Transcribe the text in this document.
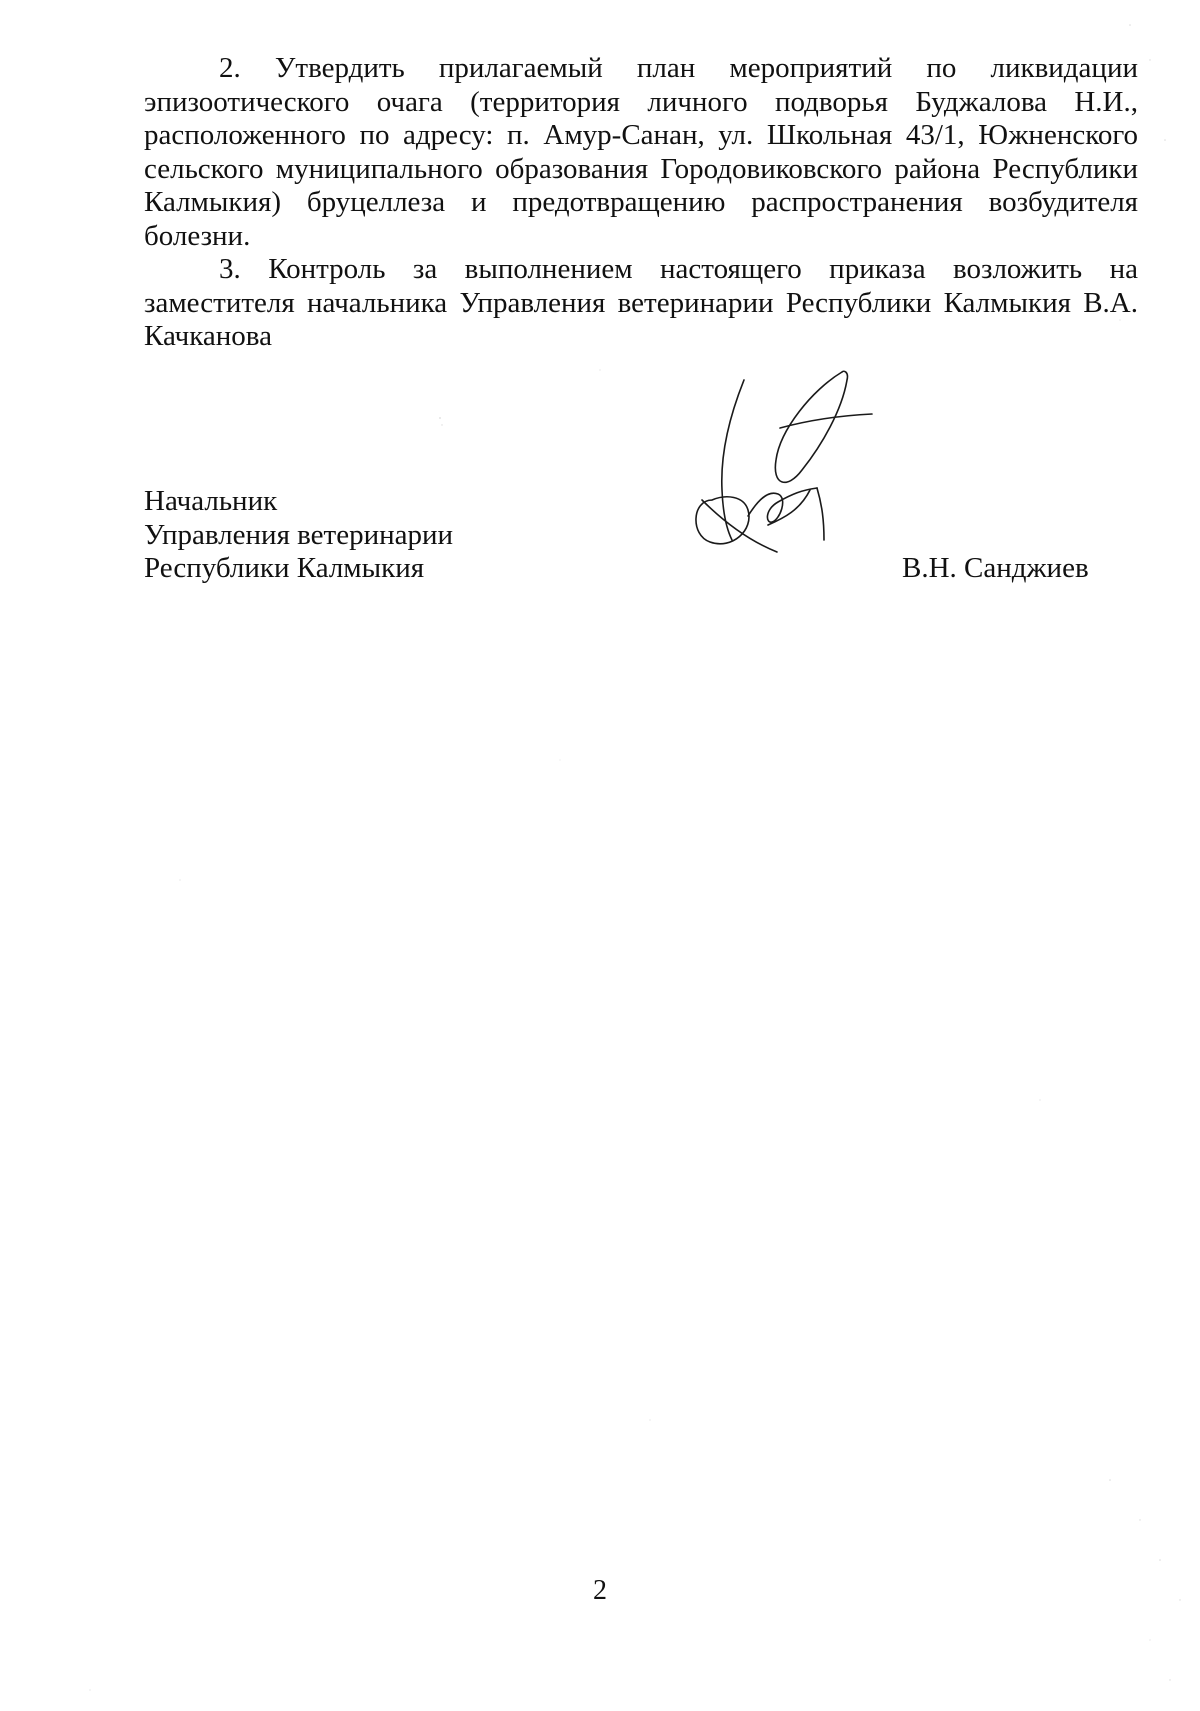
2. Утвердить прилагаемый план мероприятий по ликвидации эпизоотического очага (территория личного подворья Буджалова Н.И., расположенного по адресу: п. Амур-Санан, ул. Школьная 43/1, Южненского сельского муниципального образования Городовиковского района Республики Калмыкия) бруцеллеза и предотвращению распространения возбудителя болезни.

3. Контроль за выполнением настоящего приказа возложить на заместителя начальника Управления ветеринарии Республики Калмыкия В.А. Качканова

Начальник
Управления ветеринарии
Республики Калмыкия	В.Н. Санджиев
2
